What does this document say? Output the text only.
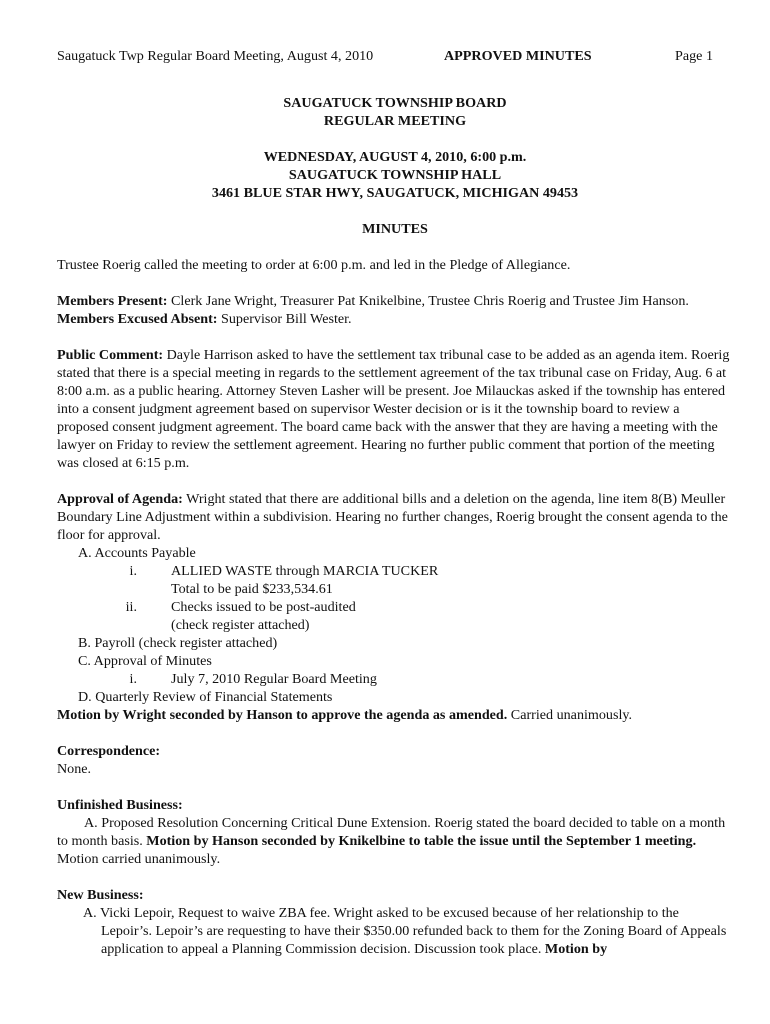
Saugatuck Twp Regular Board Meeting, August 4, 2010	APPROVED MINUTES	Page 1
SAUGATUCK TOWNSHIP BOARD
REGULAR MEETING
WEDNESDAY, AUGUST 4, 2010, 6:00 p.m.
SAUGATUCK TOWNSHIP HALL
3461 BLUE STAR HWY, SAUGATUCK, MICHIGAN 49453
MINUTES

Trustee Roerig called the meeting to order at 6:00 p.m. and led in the Pledge of Allegiance.

Members Present: Clerk Jane Wright, Treasurer Pat Knikelbine, Trustee Chris Roerig and Trustee Jim Hanson.

Members Excused Absent: Supervisor Bill Wester.

Public Comment: Dayle Harrison asked to have the settlement tax tribunal case to be added as an agenda item. Roerig stated that there is a special meeting in regards to the settlement agreement of the tax tribunal case on Friday, Aug. 6 at 8:00 a.m. as a public hearing. Attorney Steven Lasher will be present. Joe Milauckas asked if the township has entered into a consent judgment agreement based on supervisor Wester decision or is it the township board to review a proposed consent judgment agreement. The board came back with the answer that they are having a meeting with the lawyer on Friday to review the settlement agreement. Hearing no further public comment that portion of the meeting was closed at 6:15 p.m.

Approval of Agenda: Wright stated that there are additional bills and a deletion on the agenda, line item 8(B) Meuller Boundary Line Adjustment within a subdivision. Hearing no further changes, Roerig brought the consent agenda to the floor for approval.

A. Accounts Payable
i. ALLIED WASTE through MARCIA TUCKER
Total to be paid $233,534.61
ii. Checks issued to be post-audited
(check register attached)
B. Payroll (check register attached)
C. Approval of Minutes
i. July 7, 2010 Regular Board Meeting
D. Quarterly Review of Financial Statements

Motion by Wright seconded by Hanson to approve the agenda as amended. Carried unanimously.

Correspondence:
None.
Unfinished Business:

A. Proposed Resolution Concerning Critical Dune Extension. Roerig stated the board decided to table on a month to month basis. Motion by Hanson seconded by Knikelbine to table the issue until the September 1 meeting. Motion carried unanimously.

New Business:

A. Vicki Lepoir, Request to waive ZBA fee. Wright asked to be excused because of her relationship to the Lepoir’s. Lepoir’s are requesting to have their $350.00 refunded back to them for the Zoning Board of Appeals application to appeal a Planning Commission decision. Discussion took place. Motion by
